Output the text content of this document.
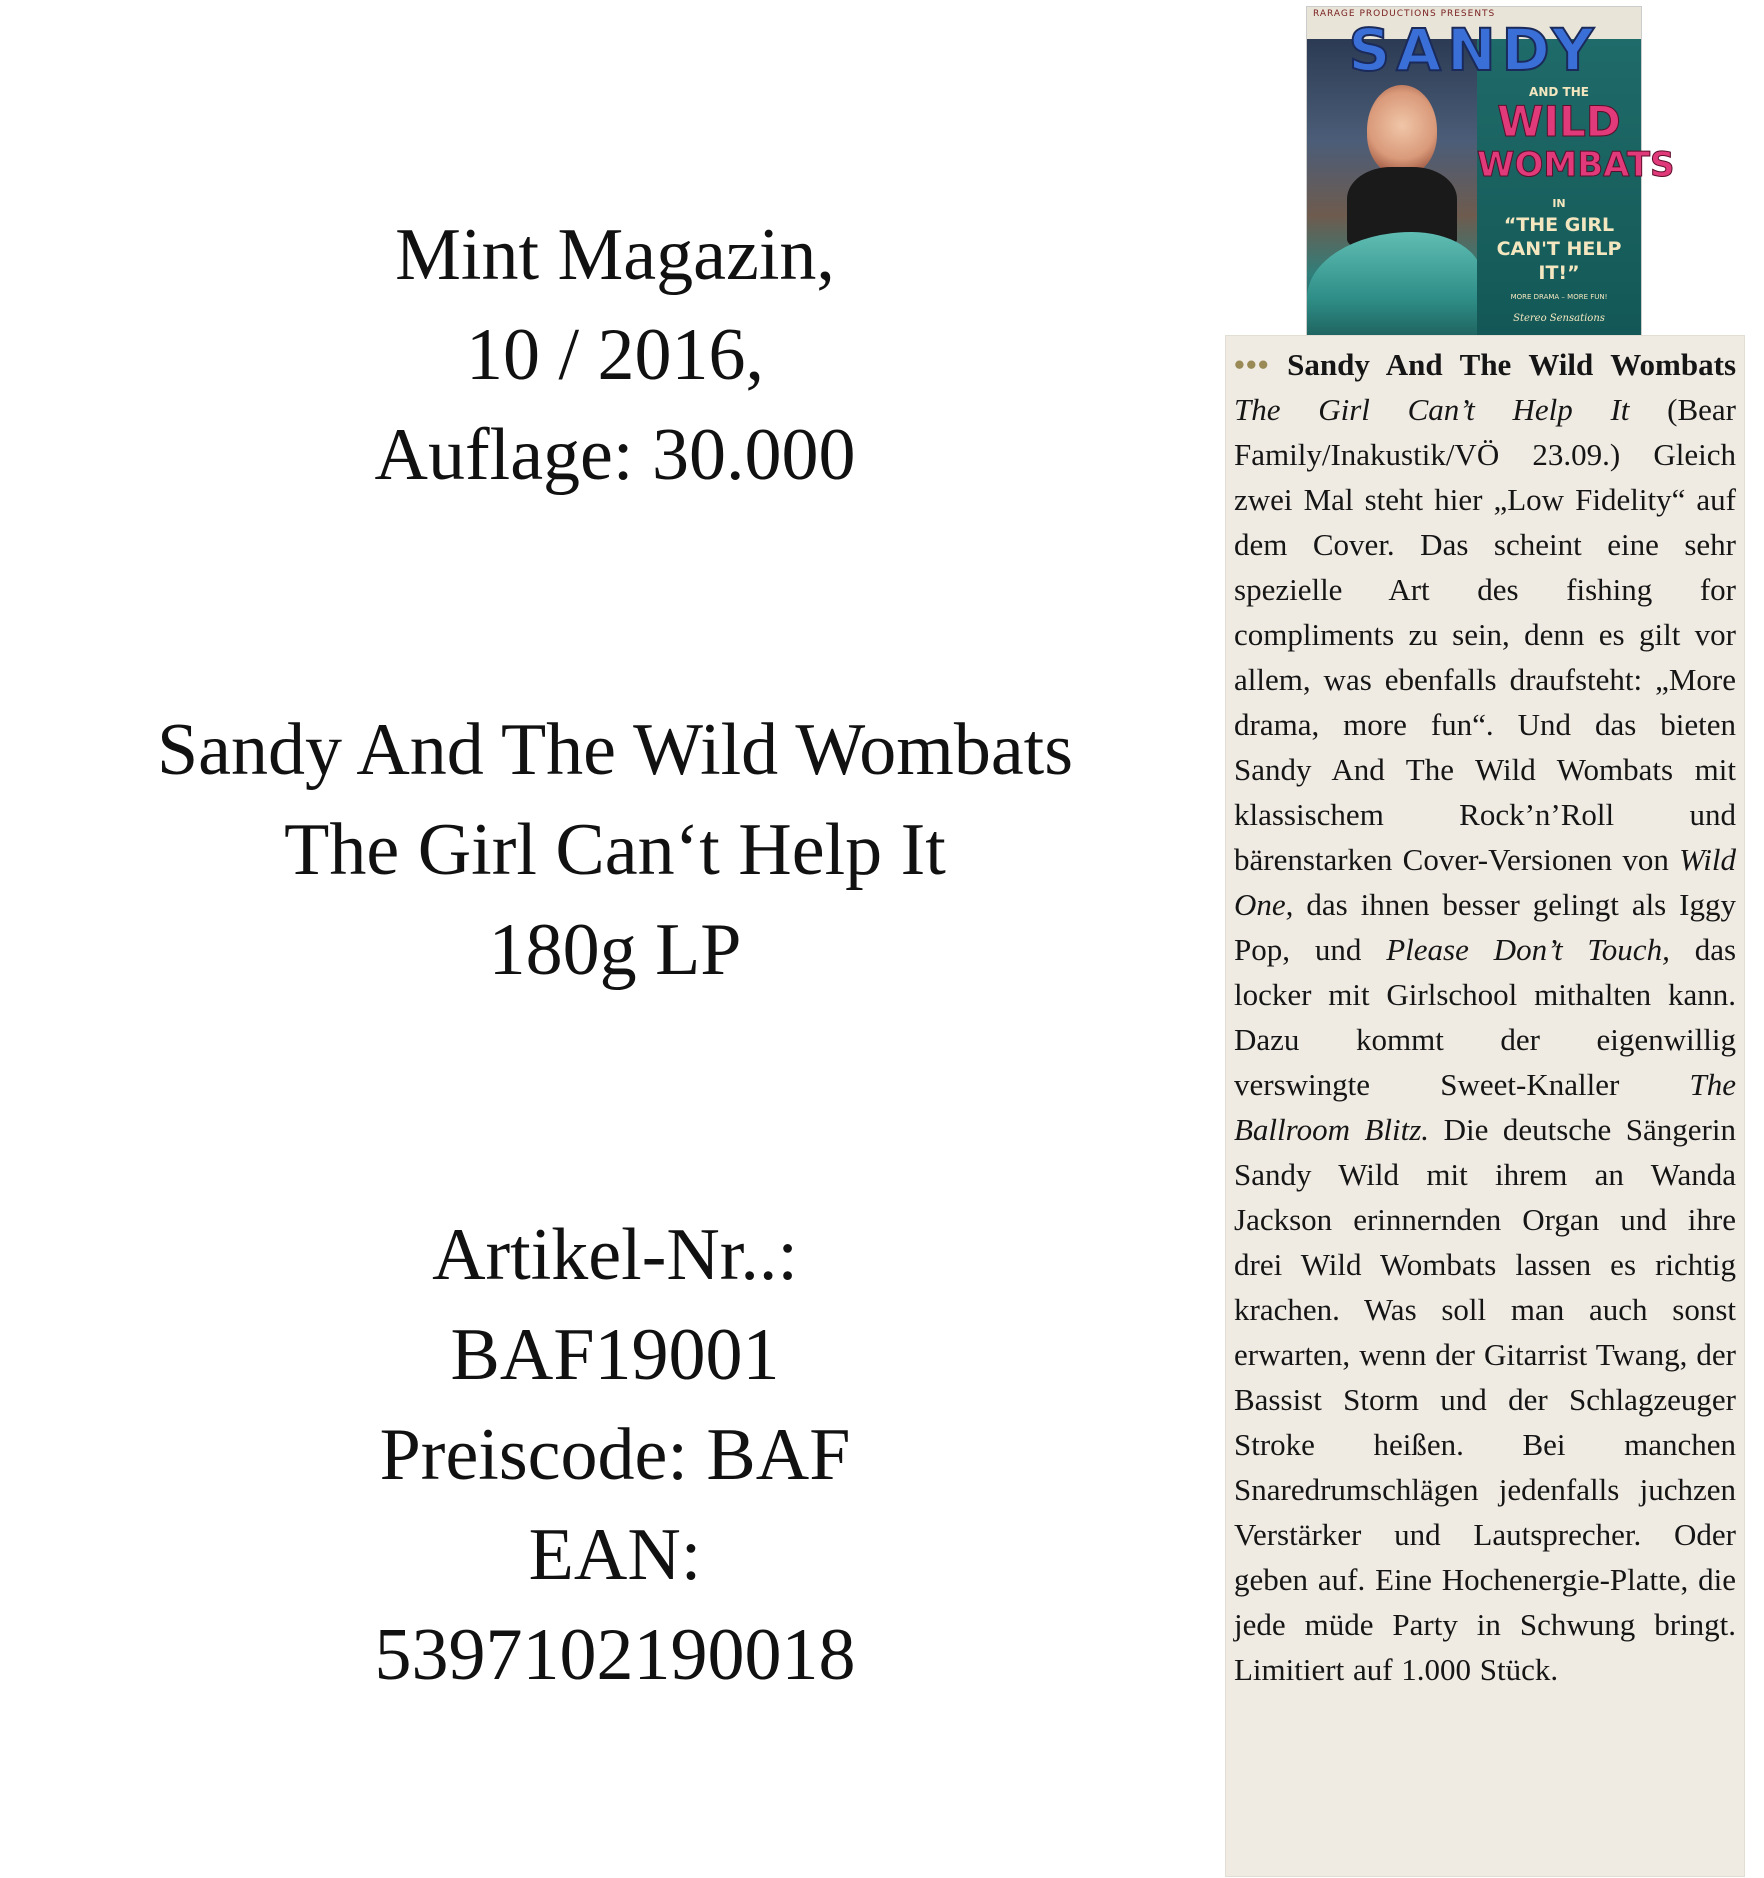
Mint Magazin,
10 / 2016,
Auflage: 30.000
Sandy And The Wild Wombats
The Girl Can‘t Help It
180g LP
Artikel-Nr..:
BAF19001
Preiscode: BAF
EAN:
5397102190018
RARAGE PRODUCTIONS PRESENTS
SANDY
AND THE
WILD
WOMBATS
IN
“THE GIRL CAN'T HELP IT!”
MORE DRAMA – MORE FUN!
Stereo Sensations
••• Sandy And The Wild Wombats The Girl Can’t Help It (Bear Family/Inakustik/VÖ 23.09.) Gleich zwei Mal steht hier „Low Fidelity“ auf dem Cover. Das scheint eine sehr spezielle Art des fishing for compliments zu sein, denn es gilt vor allem, was ebenfalls draufsteht: „More drama, more fun“. Und das bieten Sandy And The Wild Wombats mit klassischem Rock’n’Roll und bärenstarken Cover-Versionen von Wild One, das ihnen besser gelingt als Iggy Pop, und Please Don’t Touch, das locker mit Girlschool mithalten kann. Dazu kommt der eigenwillig verswingte Sweet-Knaller The Ballroom Blitz. Die deutsche Sängerin Sandy Wild mit ihrem an Wanda Jackson erinnernden Organ und ihre drei Wild Wombats lassen es richtig krachen. Was soll man auch sonst erwarten, wenn der Gitarrist Twang, der Bassist Storm und der Schlagzeuger Stroke heißen. Bei manchen Snaredrumschlägen jedenfalls juchzen Verstärker und Lautsprecher. Oder geben auf. Eine Hochenergie-Platte, die jede müde Party in Schwung bringt. Limitiert auf 1.000 Stück.
